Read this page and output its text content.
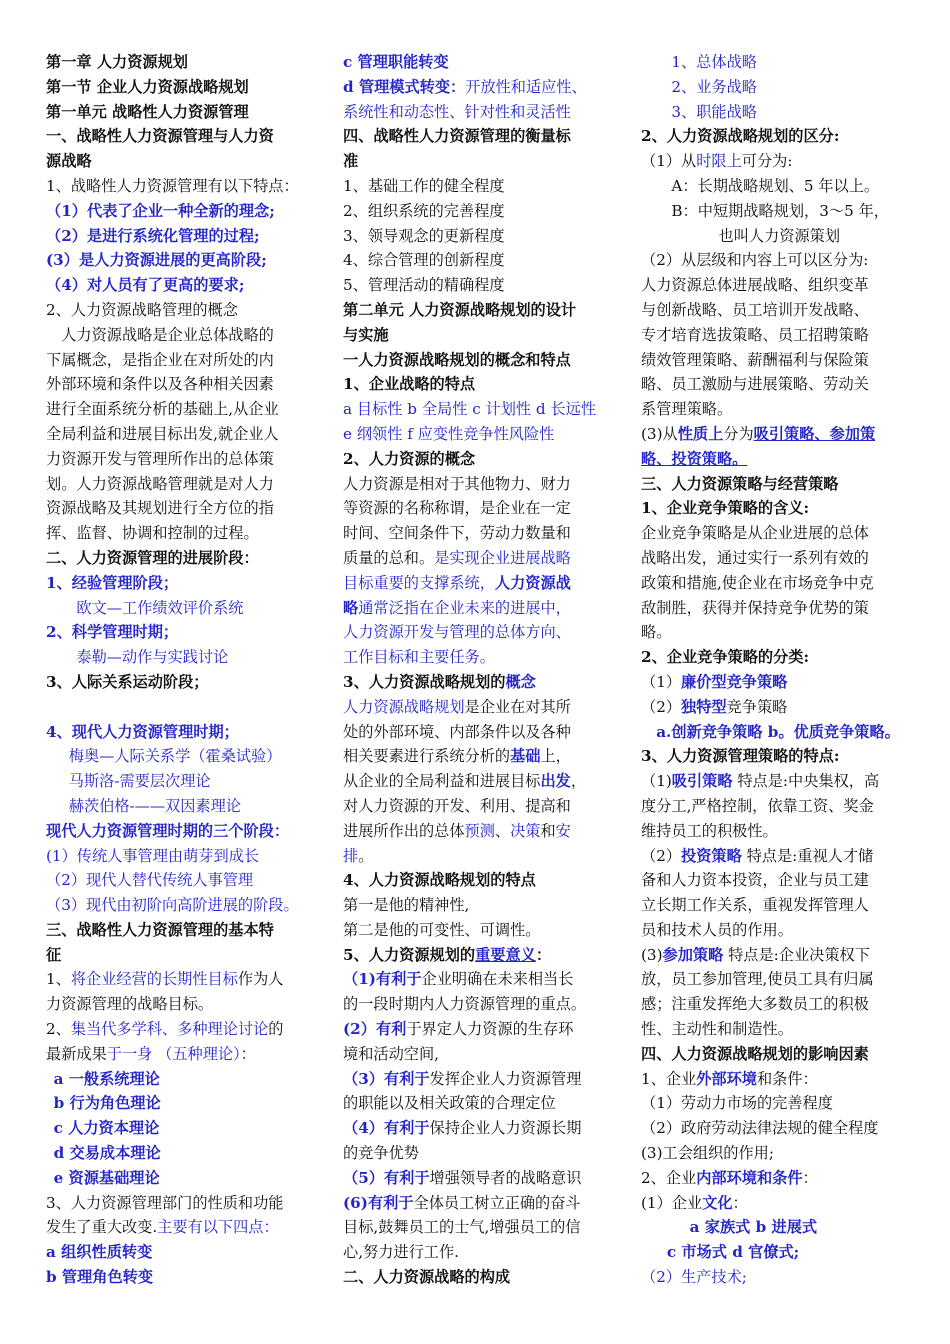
第一章 人力资源规划
第一节 企业人力资源战略规划
第一单元 战略性人力资源管理
一、战略性人力资源管理与人力资
源战略
1、战略性人力资源管理有以下特点：
（1）代表了企业一种全新的理念;
（2）是进行系统化管理的过程;
(3）是人力资源进展的更高阶段;
（4）对人员有了更高的要求;
2、人力资源战略管理的概念
人力资源战略是企业总体战略的
下属概念，是指企业在对所处的内
外部环境和条件以及各种相关因素
进行全面系统分析的基础上,从企业
全局利益和进展目标出发,就企业人
力资源开发与管理所作出的总体策
划。人力资源战略管理就是对人力
资源战略及其规划进行全方位的指
挥、监督、协调和控制的过程。
二、人力资源管理的进展阶段：
1、经验管理阶段；
欧文—工作绩效评价系统
2、科学管理时期；
泰勒—动作与实践讨论
3、人际关系运动阶段；
4、现代人力资源管理时期；
梅奥—人际关系学（霍桑试验）
马斯洛-需要层次理论
赫茨伯格-——双因素理论
现代人力资源管理时期的三个阶段：
(1）传统人事管理由萌芽到成长
（2）现代人替代传统人事管理
（3）现代由初阶向高阶进展的阶段。
三、战略性人力资源管理的基本特
征
1、将企业经营的长期性目标作为人
力资源管理的战略目标。
2、集当代多学科、多种理论讨论的
最新成果于一身 （五种理论）：
a 一般系统理论
b 行为角色理论
c 人力资本理论
d 交易成本理论
e 资源基础理论
3、人力资源管理部门的性质和功能
发生了重大改变.主要有以下四点：
a 组织性质转变
b 管理角色转变
c 管理职能转变
d 管理模式转变：开放性和适应性、
系统性和动态性、针对性和灵活性
四、战略性人力资源管理的衡量标
准
1、基础工作的健全程度
2、组织系统的完善程度
3、领导观念的更新程度
4、综合管理的创新程度
5、管理活动的精确程度
第二单元 人力资源战略规划的设计
与实施
一人力资源战略规划的概念和特点
1、企业战略的特点
a 目标性 b 全局性 c 计划性 d 长远性
e 纲领性 f 应变性竞争性风险性
2、人力资源的概念
人力资源是相对于其他物力、财力
等资源的名称称谓，是企业在一定
时间、空间条件下，劳动力数量和
质量的总和。是实现企业进展战略
目标重要的支撑系统，人力资源战
略通常泛指在企业未来的进展中，
人力资源开发与管理的总体方向、
工作目标和主要任务。
3、人力资源战略规划的概念
人力资源战略规划是企业在对其所
处的外部环境、内部条件以及各种
相关要素进行系统分析的基础上，
从企业的全局利益和进展目标出发，
对人力资源的开发、利用、提高和
进展所作出的总体预测、决策和安
排。
4、人力资源战略规划的特点
第一是他的精神性,
第二是他的可变性、可调性。
5、人力资源规划的重要意义：
（1)有利于企业明确在未来相当长
的一段时期内人力资源管理的重点。
(2）有利于界定人力资源的生存环
境和活动空间,
（3）有利于发挥企业人力资源管理
的职能以及相关政策的合理定位
（4）有利于保持企业人力资源长期
的竞争优势
（5）有利于增强领导者的战略意识
(6)有利于全体员工树立正确的奋斗
目标,鼓舞员工的士气,增强员工的信
心,努力进行工作.
二、人力资源战略的构成
1、总体战略
2、业务战略
3、职能战略
2、人力资源战略规划的区分:
（1）从时限上可分为:
A：长期战略规划、5 年以上。
B：中短期战略规划，3～5 年，
也叫人力资源策划
（2）从层级和内容上可以区分为:
人力资源总体进展战略、组织变革
与创新战略、员工培训开发战略、
专才培育选拔策略、员工招聘策略
绩效管理策略、薪酬福利与保险策
略、员工激励与进展策略、劳动关
系管理策略。
(3)从性质上分为吸引策略、参加策
略、投资策略。
三、人力资源策略与经营策略
1、企业竞争策略的含义:
企业竞争策略是从企业进展的总体
战略出发，通过实行一系列有效的
政策和措施,使企业在市场竞争中克
敌制胜，获得并保持竞争优势的策
略。
2、企业竞争策略的分类:
（1）廉价型竞争策略
（2）独特型竞争策略
a.创新竞争策略 b。优质竞争策略。
3、人力资源管理策略的特点:
（1)吸引策略 特点是:中央集权，高
度分工,严格控制，依靠工资、奖金
维持员工的积极性。
（2）投资策略 特点是:重视人才储
备和人力资本投资，企业与员工建
立长期工作关系，重视发挥管理人
员和技术人员的作用。
(3)参加策略 特点是:企业决策权下
放，员工参加管理,使员工具有归属
感；注重发挥绝大多数员工的积极
性、主动性和制造性。
四、人力资源战略规划的影响因素
1、企业外部环境和条件：
（1）劳动力市场的完善程度
（2）政府劳动法律法规的健全程度
(3)工会组织的作用;
2、企业内部环境和条件：
(1）企业文化：
a 家族式 b 进展式
c 市场式 d 官僚式;
（2）生产技术;
